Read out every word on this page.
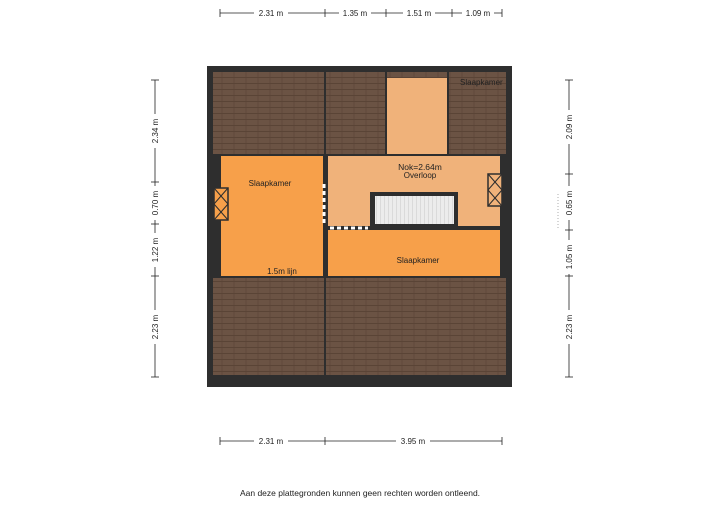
Slaapkamer
Nok=2.64m
Overloop
Slaapkamer
Slaapkamer
1.5m lijn
2.31 m	1.35 m	1.51 m	1.09 m
2.31 m	3.95 m
2.34 m
0.70 m
1.22 m
2.23 m
2.09 m
0.65 m
1.05 m
2.23 m
Aan deze plattegronden kunnen geen rechten worden ontleend.
